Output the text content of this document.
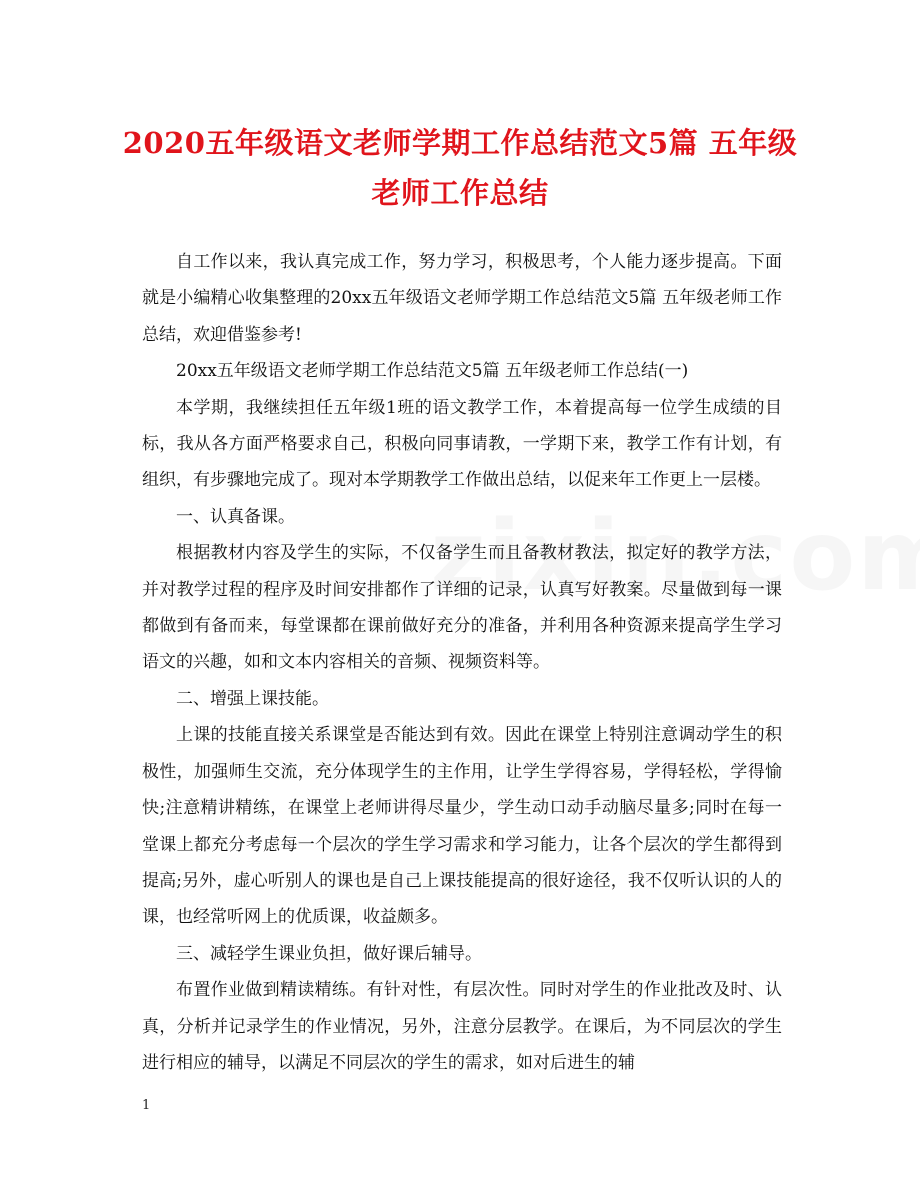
2020五年级语文老师学期工作总结范文5篇 五年级老师工作总结

自工作以来，我认真完成工作，努力学习，积极思考，个人能力逐步提高。下面就是小编精心收集整理的20xx五年级语文老师学期工作总结范文5篇 五年级老师工作总结，欢迎借鉴参考!

20xx五年级语文老师学期工作总结范文5篇 五年级老师工作总结(一)

本学期，我继续担任五年级1班的语文教学工作，本着提高每一位学生成绩的目标，我从各方面严格要求自己，积极向同事请教，一学期下来，教学工作有计划，有组织，有步骤地完成了。现对本学期教学工作做出总结，以促来年工作更上一层楼。

一、认真备课。

根据教材内容及学生的实际，不仅备学生而且备教材教法，拟定好的教学方法，并对教学过程的程序及时间安排都作了详细的记录，认真写好教案。尽量做到每一课都做到有备而来，每堂课都在课前做好充分的准备，并利用各种资源来提高学生学习语文的兴趣，如和文本内容相关的音频、视频资料等。

二、增强上课技能。

上课的技能直接关系课堂是否能达到有效。因此在课堂上特别注意调动学生的积极性，加强师生交流，充分体现学生的主作用，让学生学得容易，学得轻松，学得愉快;注意精讲精练，在课堂上老师讲得尽量少，学生动口动手动脑尽量多;同时在每一堂课上都充分考虑每一个层次的学生学习需求和学习能力，让各个层次的学生都得到提高;另外，虚心听别人的课也是自己上课技能提高的很好途径，我不仅听认识的人的课，也经常听网上的优质课，收益颇多。

三、减轻学生课业负担，做好课后辅导。

布置作业做到精读精练。有针对性，有层次性。同时对学生的作业批改及时、认真，分析并记录学生的作业情况，另外，注意分层教学。在课后，为不同层次的学生进行相应的辅导，以满足不同层次的学生的需求，如对后进生的辅

1
